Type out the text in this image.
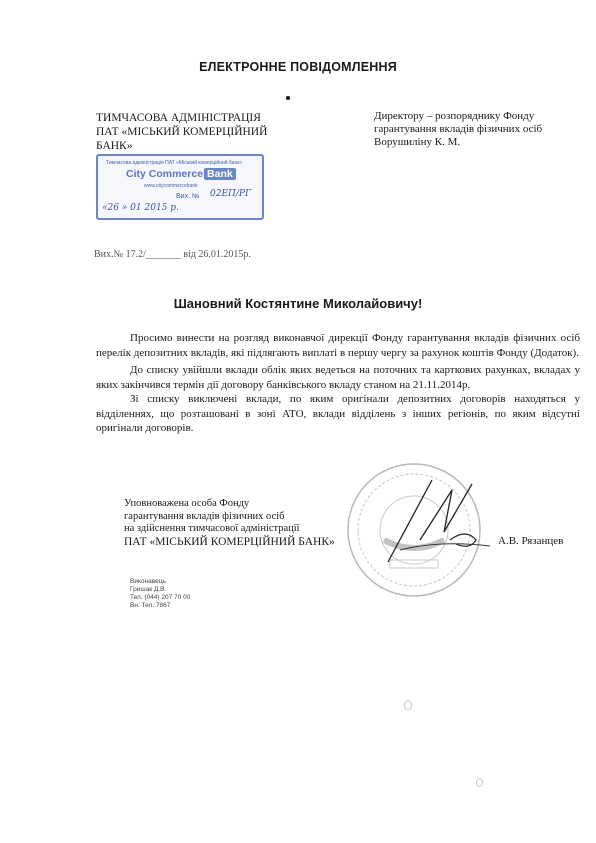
ЕЛЕКТРОННЕ ПОВІДОМЛЕННЯ
ТИМЧАСОВА АДМІНІСТРАЦІЯ
ПАТ «МІСЬКИЙ КОМЕРЦІЙНИЙ
БАНК»
Директору – розпоряднику Фонду
гарантування вкладів фізичних осіб
Ворушиліну К. М.
Тимчасова адміністрація ПАТ «Міський комерційний банк»
City Commerce Bank
www.citycommercebank
Вих. № 02ЕП/РГ
«26 » 01 2015 р.
Вих.№ 17.2/_______ від 26.01.2015р.
Шановний Костянтине Миколайовичу!

Просимо винести на розгляд виконавчої дирекції Фонду гарантування вкладів фізичних осіб перелік депозитних вкладів, які підлягають виплаті в першу чергу за рахунок коштів Фонду (Додаток).

До списку увійшли вклади облік яких ведеться на поточних та карткових рахунках, вкладах у яких закінчився термін дії договору банківського вкладу станом на 21.11.2014р.

Зі списку виключені вклади, по яким оригінали депозитних договорів находяться у відділеннях, що розташовані в зоні АТО, вклади відділень з інших регіонів, по яким відсутні оригінали договорів.

Уповноважена особа Фонду
гарантування вкладів фізичних осіб
на здійснення тимчасової адміністрації
ПАТ «МІСЬКИЙ КОМЕРЦІЙНИЙ БАНК»	А.В. Рязанцев
Виконавець
Гришак Д.В.
Тел. (044) 207 70 00
Вн. Тел. 7867
